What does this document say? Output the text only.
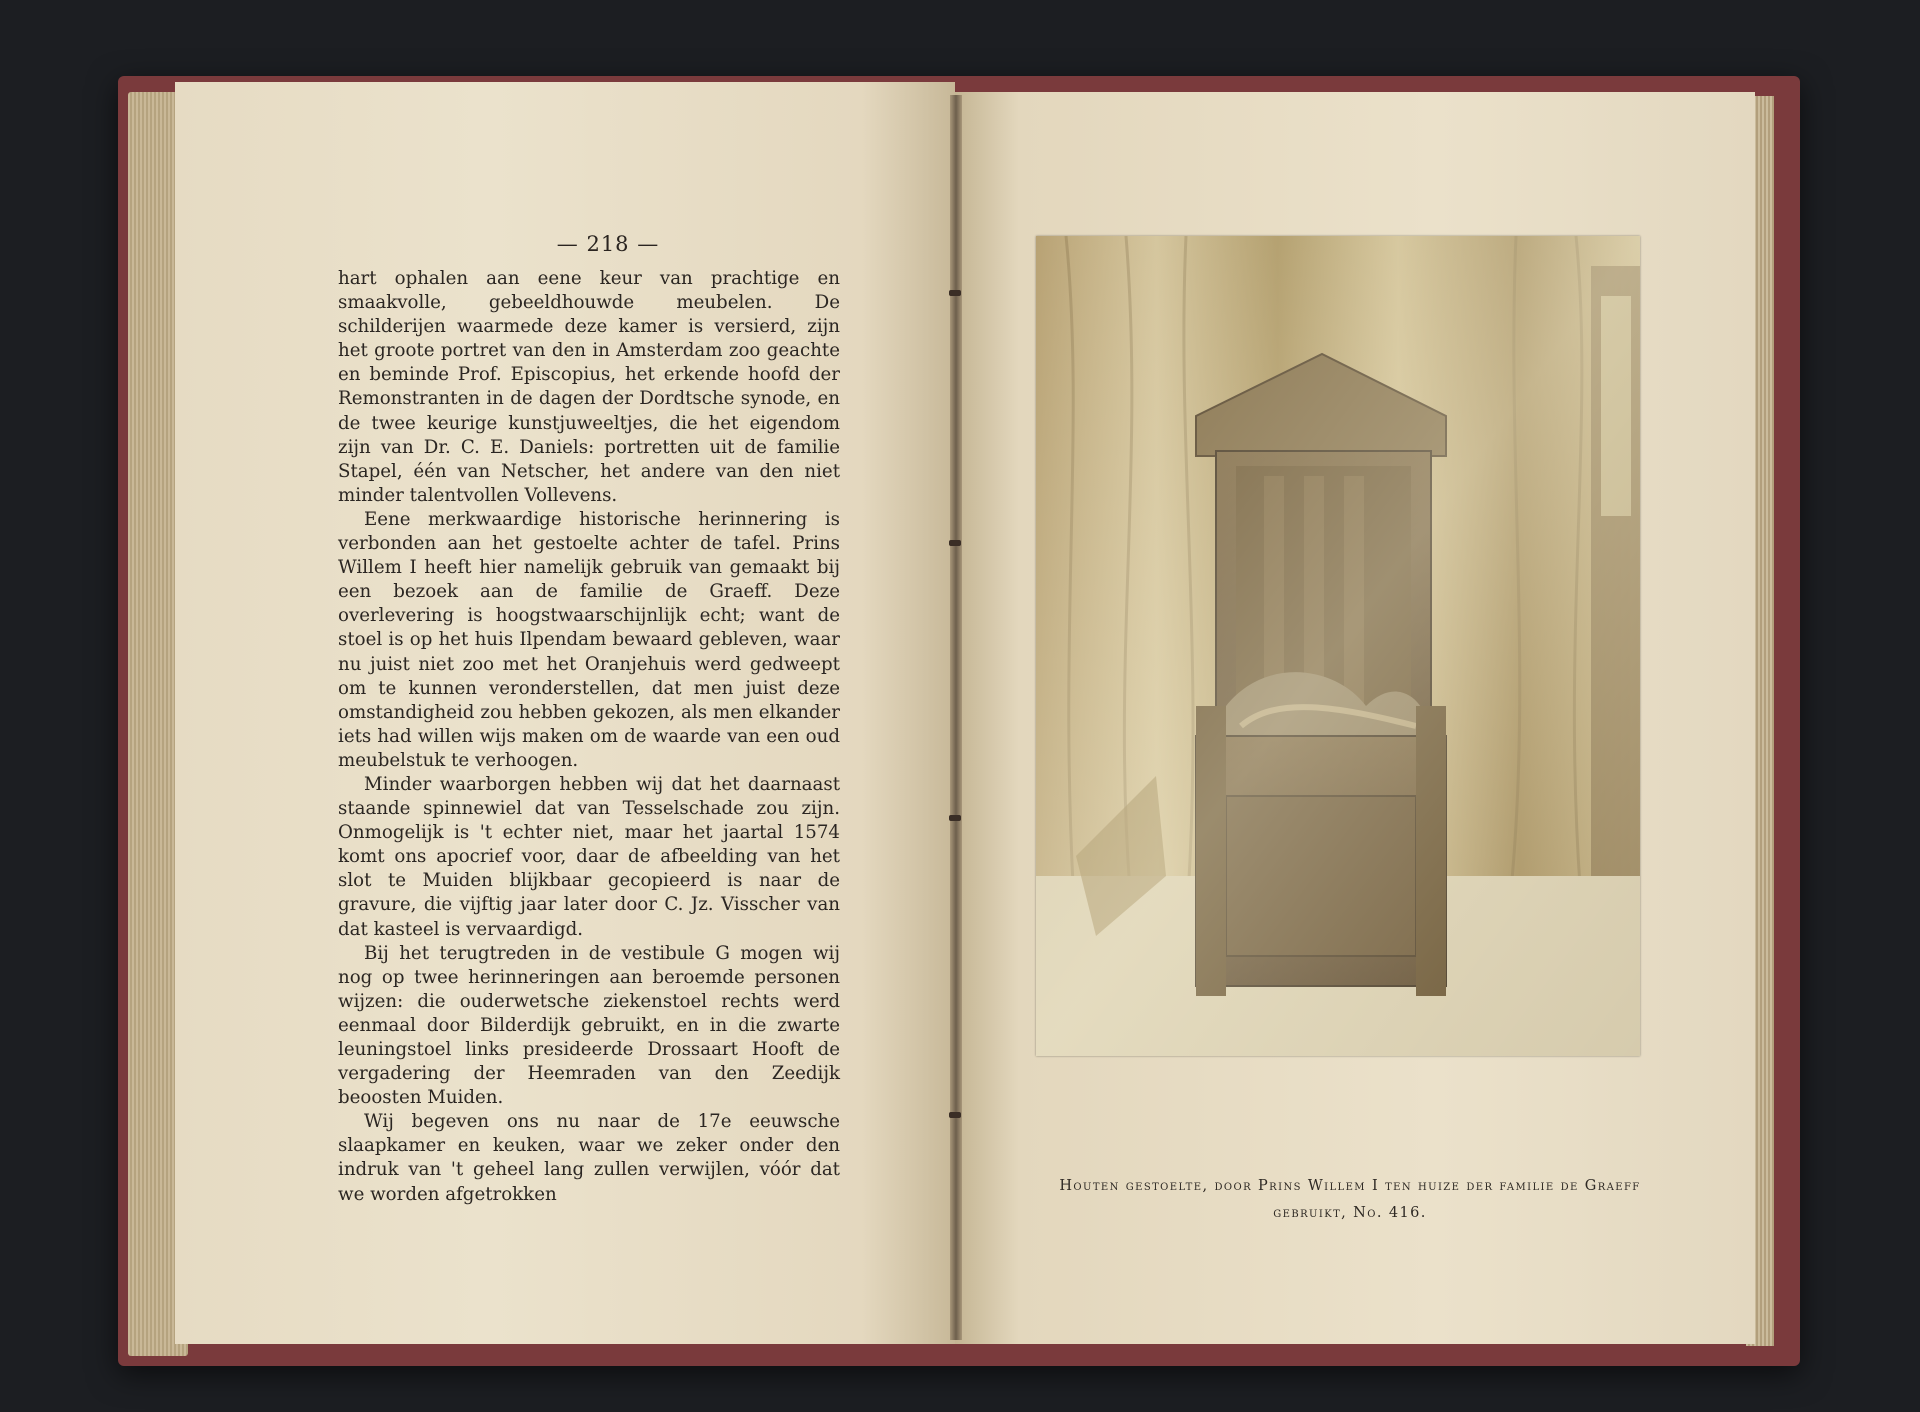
— 218 —

hart ophalen aan eene keur van prachtige en smaakvolle, gebeeldhouwde meubelen. De schilderijen waarmede deze kamer is versierd, zijn het groote portret van den in Amsterdam zoo geachte en beminde Prof. Episcopius, het erkende hoofd der Remonstranten in de dagen der Dordtsche synode, en de twee keurige kunstjuweeltjes, die het eigendom zijn van Dr. C. E. Daniels: portretten uit de familie Stapel, één van Netscher, het andere van den niet minder talentvollen Vollevens.

Eene merkwaardige historische herinnering is verbonden aan het gestoelte achter de tafel. Prins Willem I heeft hier namelijk gebruik van gemaakt bij een bezoek aan de familie de Graeff. Deze overlevering is hoogstwaarschijnlijk echt; want de stoel is op het huis Ilpendam bewaard gebleven, waar nu juist niet zoo met het Oranjehuis werd gedweept om te kunnen veronderstellen, dat men juist deze omstandigheid zou hebben gekozen, als men elkander iets had willen wijs maken om de waarde van een oud meubelstuk te verhoogen.

Minder waarborgen hebben wij dat het daarnaast staande spinnewiel dat van Tesselschade zou zijn. Onmogelijk is 't echter niet, maar het jaartal 1574 komt ons apocrief voor, daar de afbeelding van het slot te Muiden blijkbaar gecopieerd is naar de gravure, die vijftig jaar later door C. Jz. Visscher van dat kasteel is vervaardigd.

Bij het terugtreden in de vestibule G mogen wij nog op twee herinneringen aan beroemde personen wijzen: die ouderwetsche ziekenstoel rechts werd eenmaal door Bilderdijk gebruikt, en in die zwarte leuningstoel links presideerde Drossaart Hooft de vergadering der Heemraden van den Zeedijk beoosten Muiden.

Wij begeven ons nu naar de 17e eeuwsche slaapkamer en keuken, waar we zeker onder den indruk van 't geheel lang zullen verwijlen, vóór dat we worden afgetrokken	Houten gestoelte, door Prins Willem I ten huize der familie de Graeff
gebruikt, No. 416.
